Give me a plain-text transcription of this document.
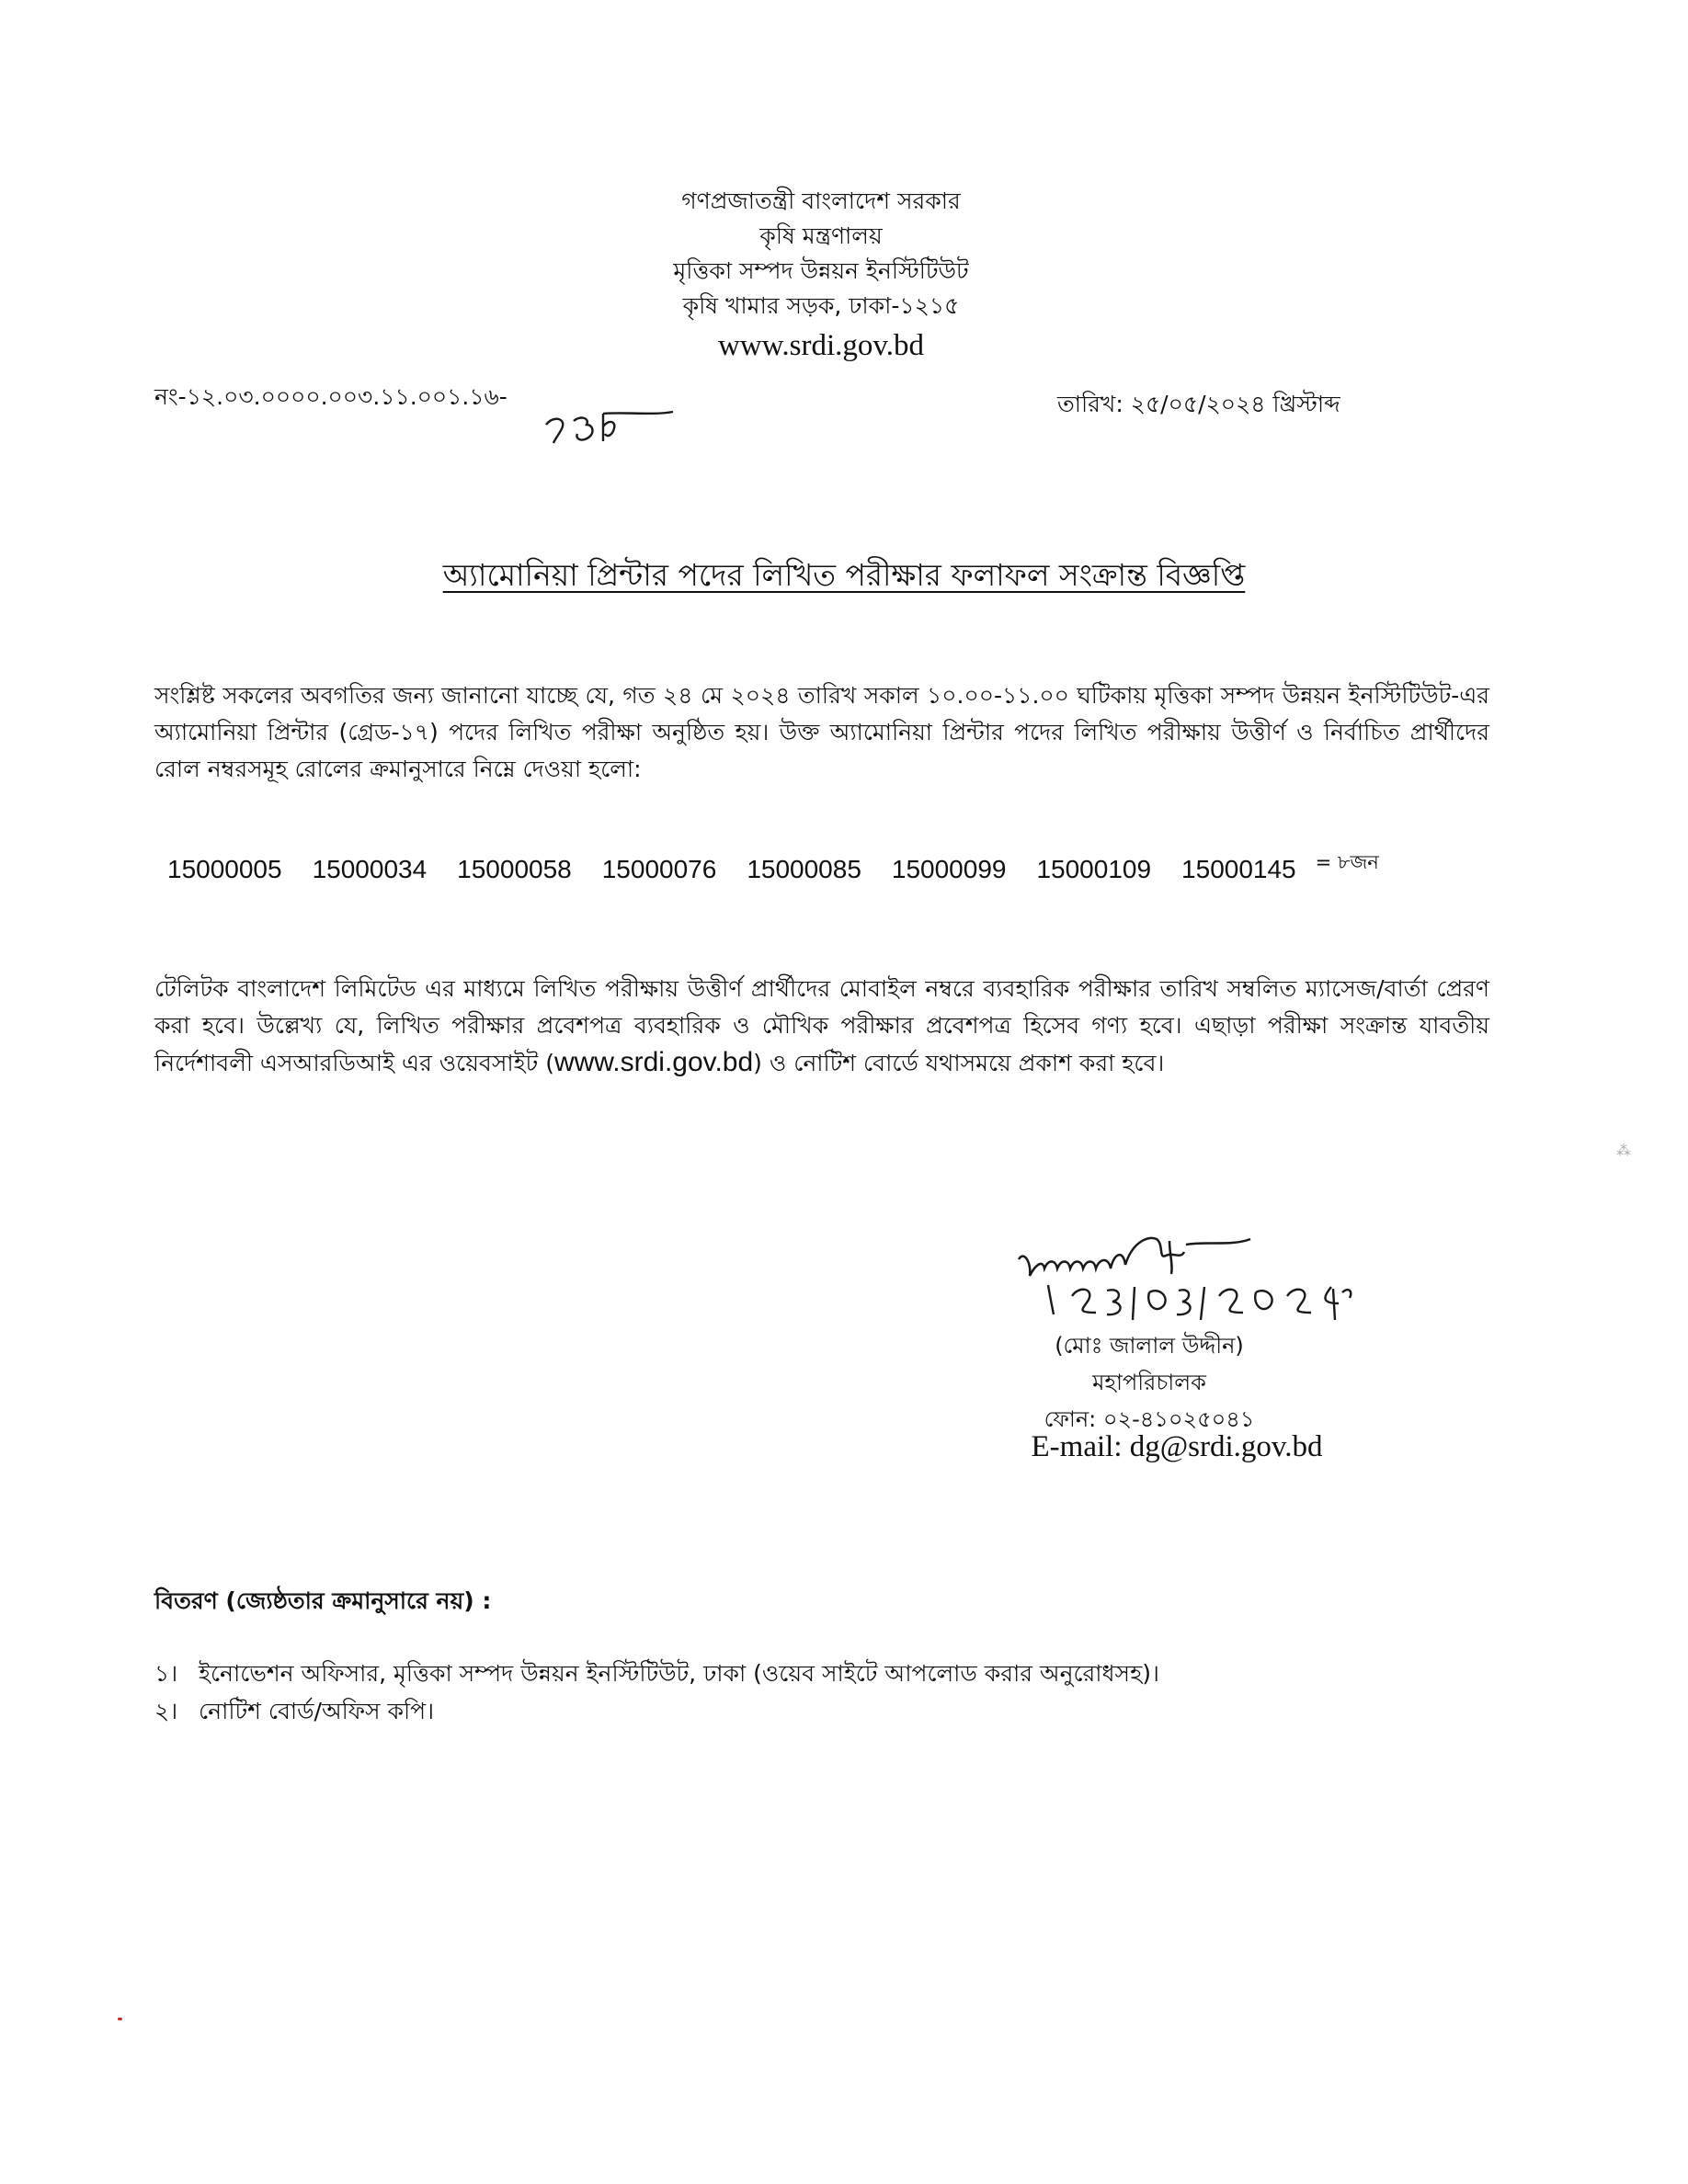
গণপ্রজাতন্ত্রী বাংলাদেশ সরকার
কৃষি মন্ত্রণালয়
মৃত্তিকা সম্পদ উন্নয়ন ইনস্টিটিউট
কৃষি খামার সড়ক, ঢাকা-১২১৫
www.srdi.gov.bd
নং-১২.০৩.০০০০.০০৩.১১.০০১.১৬-	তারিখ: ২৫/০৫/২০২৪ খ্রিস্টাব্দ
অ্যামোনিয়া প্রিন্টার পদের লিখিত পরীক্ষার ফলাফল সংক্রান্ত বিজ্ঞপ্তি
সংশ্লিষ্ট সকলের অবগতির জন্য জানানো যাচ্ছে যে, গত ২৪ মে ২০২৪ তারিখ সকাল ১০.০০-১১.০০ ঘটিকায় মৃত্তিকা সম্পদ উন্নয়ন ইনস্টিটিউট-এর অ্যামোনিয়া প্রিন্টার (গ্রেড-১৭) পদের লিখিত পরীক্ষা অনুষ্ঠিত হয়। উক্ত অ্যামোনিয়া প্রিন্টার পদের লিখিত পরীক্ষায় উত্তীর্ণ ও নির্বাচিত প্রার্থীদের রোল নম্বরসমূহ রোলের ক্রমানুসারে নিম্নে দেওয়া হলো:
15000005 15000034 15000058 15000076 15000085 15000099 15000109 15000145 = ৮জন
টেলিটক বাংলাদেশ লিমিটেড এর মাধ্যমে লিখিত পরীক্ষায় উত্তীর্ণ প্রার্থীদের মোবাইল নম্বরে ব্যবহারিক পরীক্ষার তারিখ সম্বলিত ম্যাসেজ/বার্তা প্রেরণ করা হবে। উল্লেখ্য যে, লিখিত পরীক্ষার প্রবেশপত্র ব্যবহারিক ও মৌখিক পরীক্ষার প্রবেশপত্র হিসেব গণ্য হবে। এছাড়া পরীক্ষা সংক্রান্ত যাবতীয় নির্দেশাবলী এসআরডিআই এর ওয়েবসাইট (www.srdi.gov.bd) ও নোটিশ বোর্ডে যথাসময়ে প্রকাশ করা হবে।
(মোঃ জালাল উদ্দীন)
মহাপরিচালক
ফোন: ০২-৪১০২৫০৪১
E-mail: dg@srdi.gov.bd
বিতরণ (জ্যেষ্ঠতার ক্রমানুসারে নয়) :
১। ইনোভেশন অফিসার, মৃত্তিকা সম্পদ উন্নয়ন ইনস্টিটিউট, ঢাকা (ওয়েব সাইটে আপলোড করার অনুরোধসহ)।
২। নোটিশ বোর্ড/অফিস কপি।
⁂
